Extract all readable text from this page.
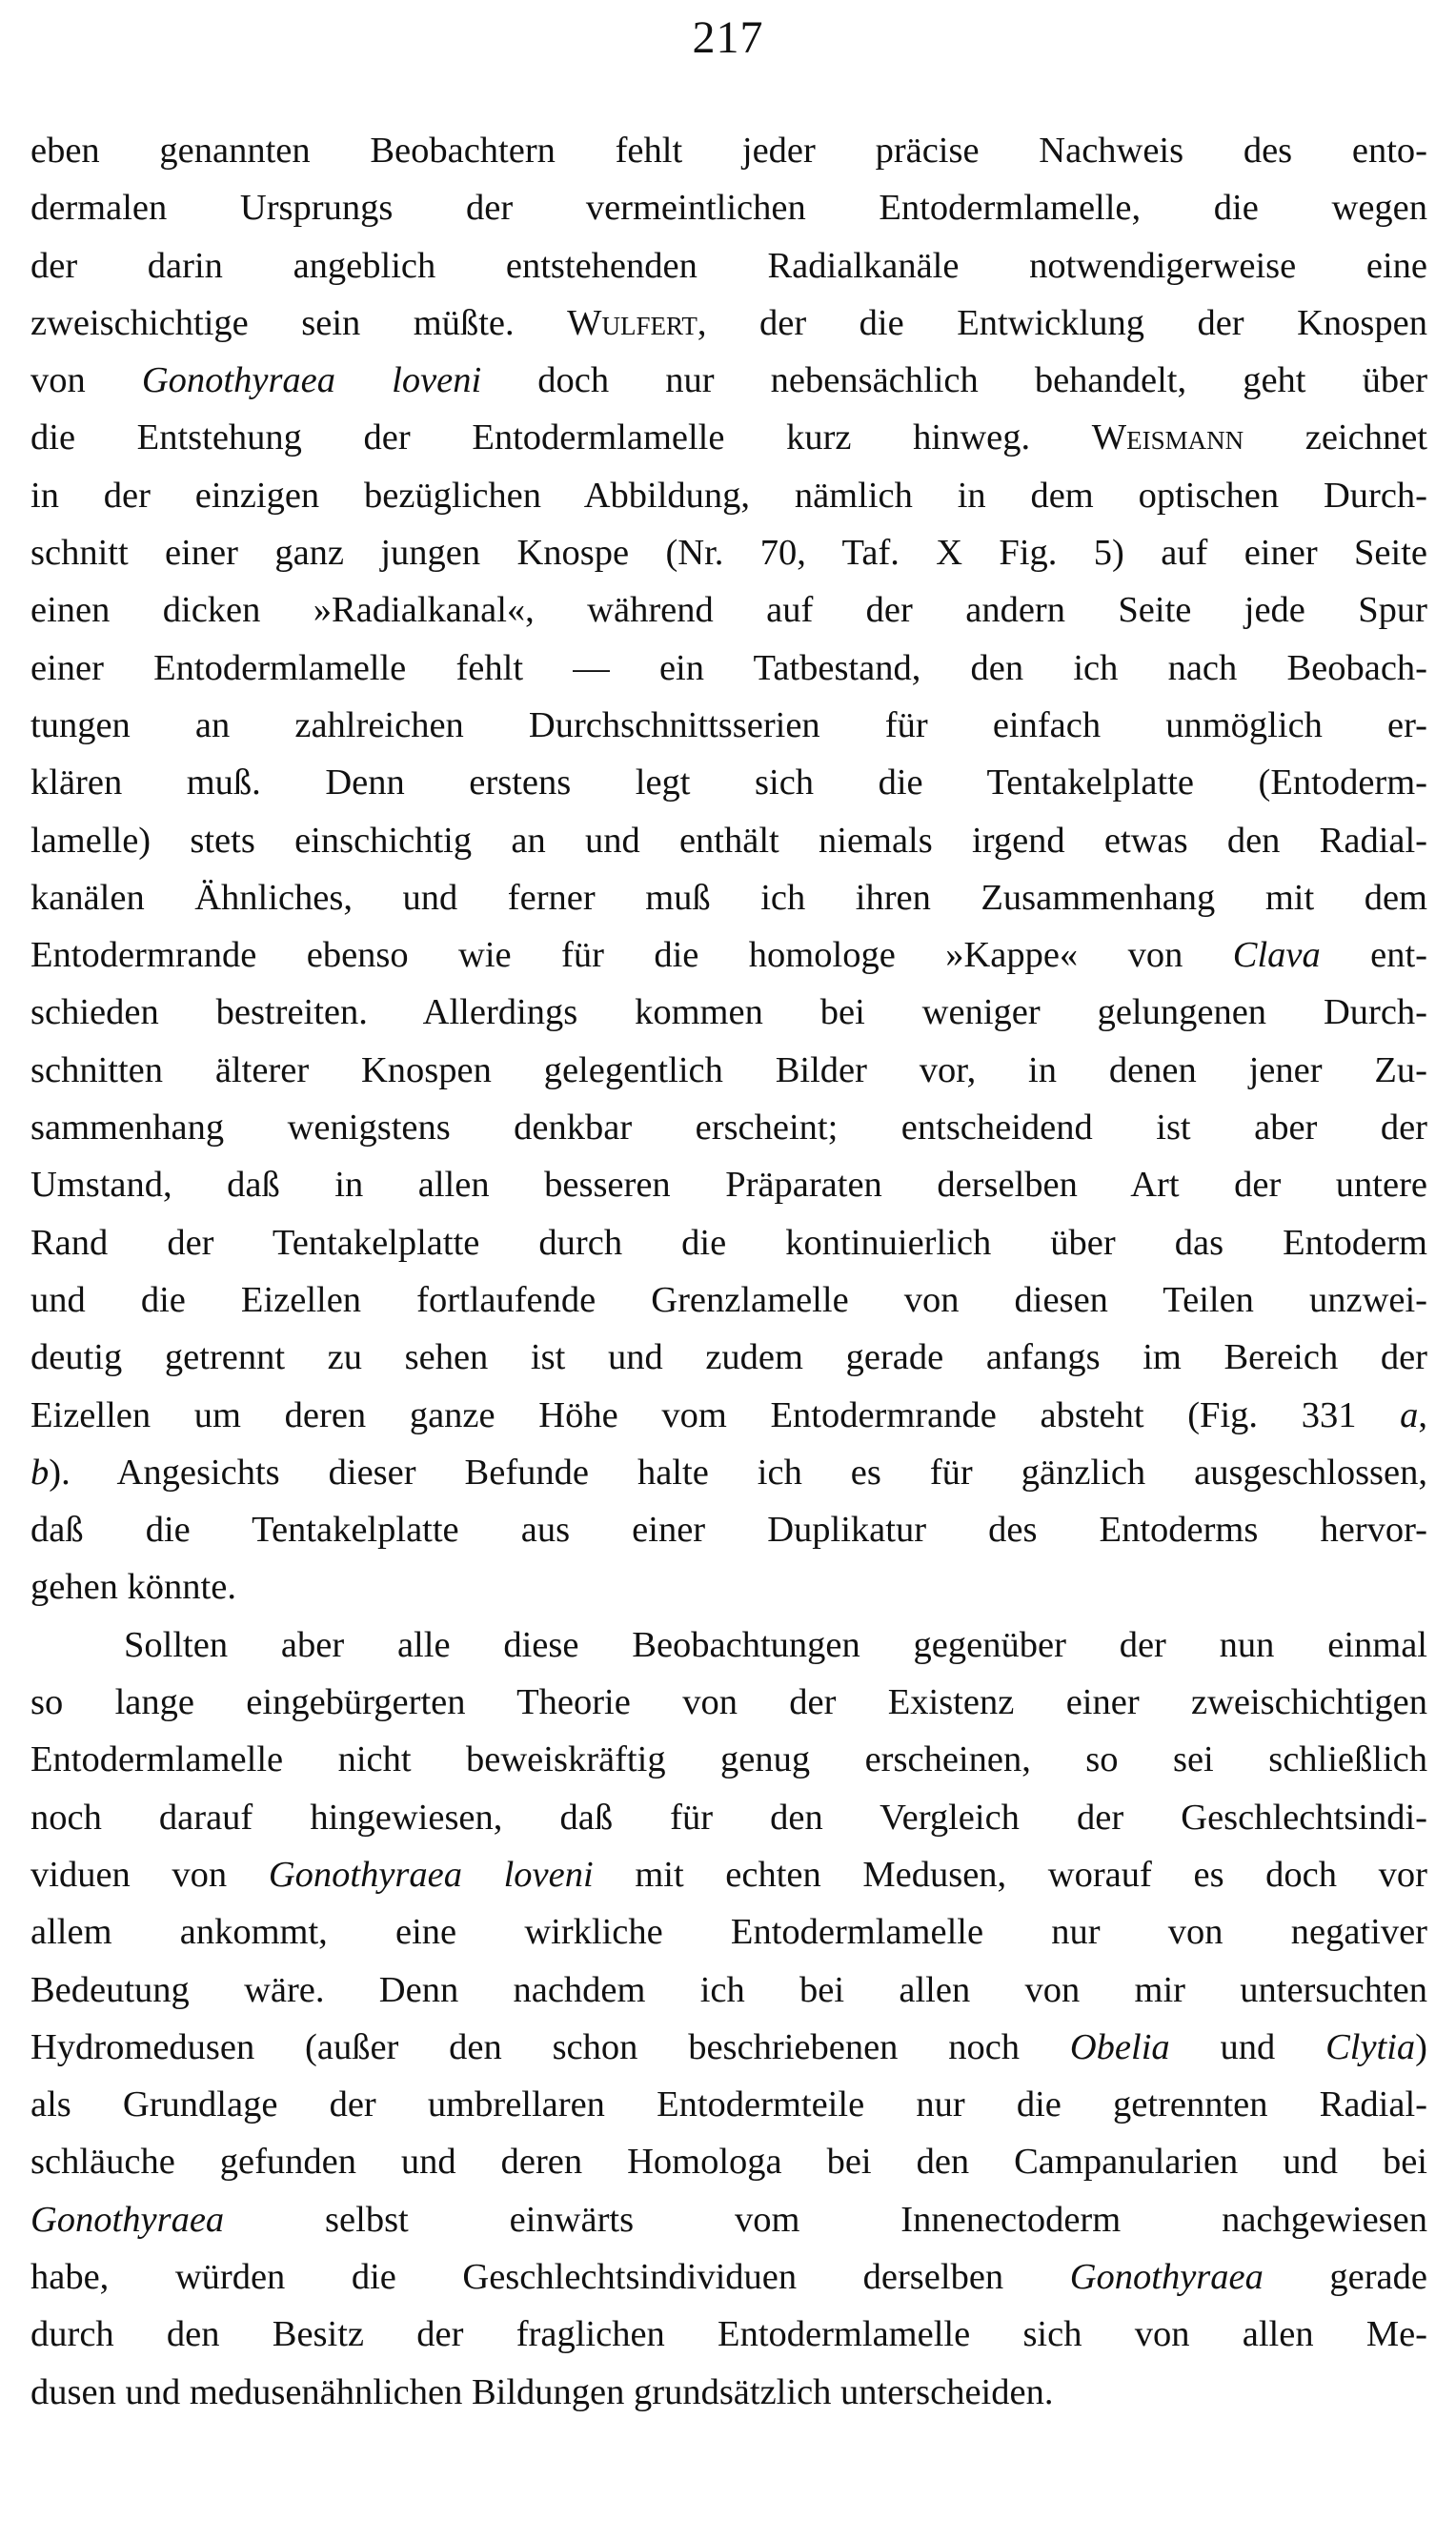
217

eben genannten Beobachtern fehlt jeder präcise Nachweis des ento-
dermalen Ursprungs der vermeintlichen Entodermlamelle, die wegen
der darin angeblich entstehenden Radialkanäle notwendigerweise eine
zweischichtige sein müßte. Wulfert, der die Entwicklung der Knospen
von Gonothyraea loveni doch nur nebensächlich behandelt, geht über
die Entstehung der Entodermlamelle kurz hinweg. Weismann zeichnet
in der einzigen bezüglichen Abbildung, nämlich in dem optischen Durch-
schnitt einer ganz jungen Knospe (Nr. 70, Taf. X Fig. 5) auf einer Seite
einen dicken »Radialkanal«, während auf der andern Seite jede Spur
einer Entodermlamelle fehlt — ein Tatbestand, den ich nach Beobach-
tungen an zahlreichen Durchschnittsserien für einfach unmöglich er-
klären muß. Denn erstens legt sich die Tentakelplatte (Entoderm-
lamelle) stets einschichtig an und enthält niemals irgend etwas den Radial-
kanälen Ähnliches, und ferner muß ich ihren Zusammenhang mit dem
Entodermrande ebenso wie für die homologe »Kappe« von Clava ent-
schieden bestreiten. Allerdings kommen bei weniger gelungenen Durch-
schnitten älterer Knospen gelegentlich Bilder vor, in denen jener Zu-
sammenhang wenigstens denkbar erscheint; entscheidend ist aber der
Umstand, daß in allen besseren Präparaten derselben Art der untere
Rand der Tentakelplatte durch die kontinuierlich über das Entoderm
und die Eizellen fortlaufende Grenzlamelle von diesen Teilen unzwei-
deutig getrennt zu sehen ist und zudem gerade anfangs im Bereich der
Eizellen um deren ganze Höhe vom Entodermrande absteht (Fig. 331 a,
b). Angesichts dieser Befunde halte ich es für gänzlich ausgeschlossen,
daß die Tentakelplatte aus einer Duplikatur des Entoderms hervor-
gehen könnte.

Sollten aber alle diese Beobachtungen gegenüber der nun einmal
so lange eingebürgerten Theorie von der Existenz einer zweischichtigen
Entodermlamelle nicht beweiskräftig genug erscheinen, so sei schließlich
noch darauf hingewiesen, daß für den Vergleich der Geschlechtsindi-
viduen von Gonothyraea loveni mit echten Medusen, worauf es doch vor
allem ankommt, eine wirkliche Entodermlamelle nur von negativer
Bedeutung wäre. Denn nachdem ich bei allen von mir untersuchten
Hydromedusen (außer den schon beschriebenen noch Obelia und Clytia)
als Grundlage der umbrellaren Entodermteile nur die getrennten Radial-
schläuche gefunden und deren Homologa bei den Campanularien und bei
Gonothyraea selbst einwärts vom Innenectoderm nachgewiesen
habe, würden die Geschlechtsindividuen derselben Gonothyraea gerade
durch den Besitz der fraglichen Entodermlamelle sich von allen Me-
dusen und medusenähnlichen Bildungen grundsätzlich unterscheiden.
